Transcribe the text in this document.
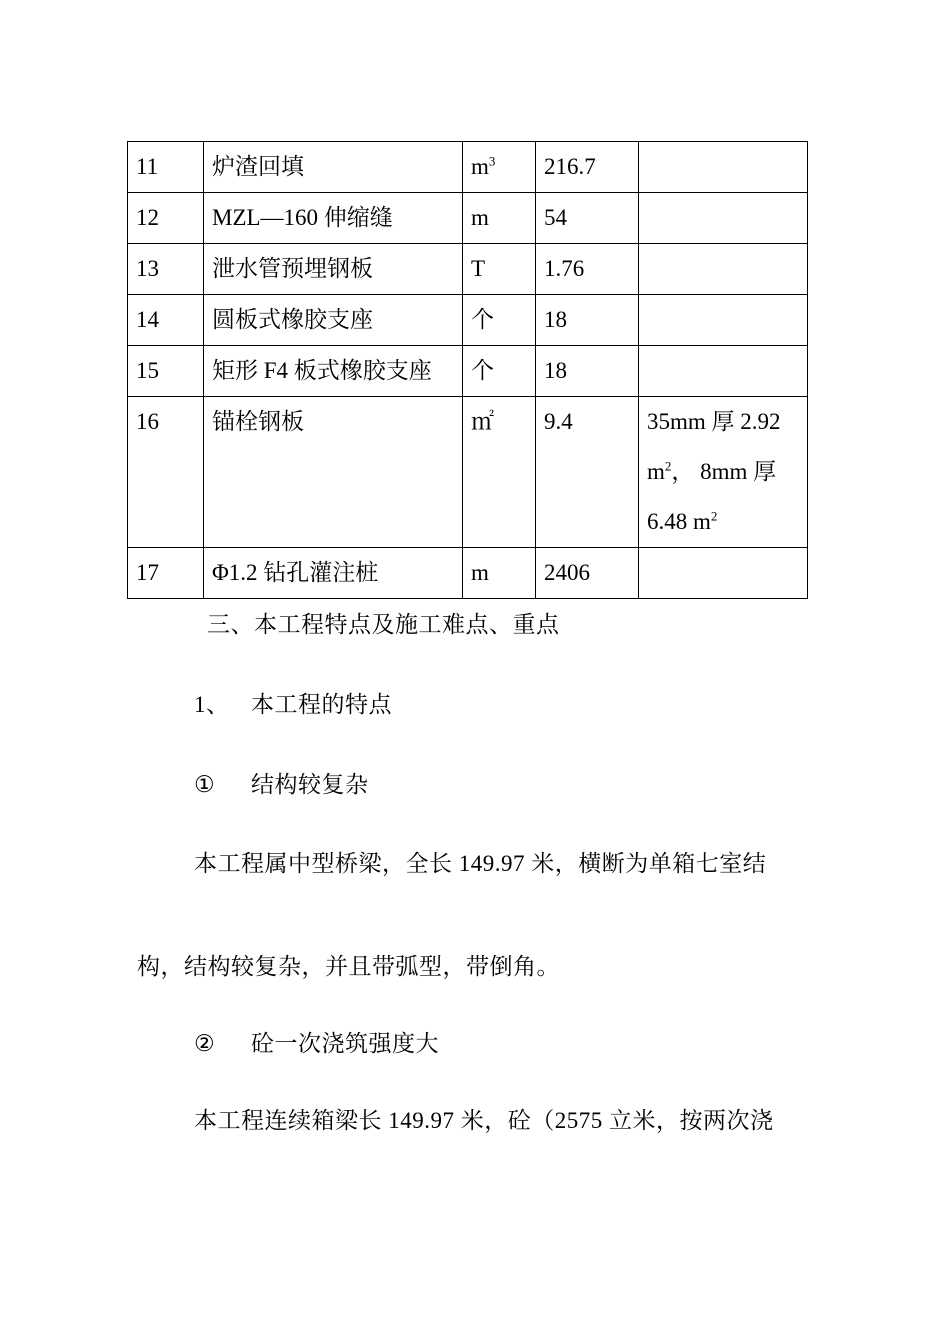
11	炉渣回填	$m^3$	216.7	
12	MZL—160 伸缩缝	m	54	
13	泄水管预埋钢板	T	1.76	
14	圆板式橡胶支座	个	18	
15	矩形 F4 板式橡胶支座	个	18	
16	锚栓钢板	㎡	9.4	35mm 厚 2.92
$m^2$， 8mm 厚
6.48 $m^2$

17	Φ1.2 钻孔灌注桩	m	2406	

三、本工程特点及施工难点、重点

1、 本工程的特点

① 结构较复杂

本工程属中型桥梁，全长 149.97 米，横断为单箱七室结

构，结构较复杂，并且带弧型，带倒角。

② 砼一次浇筑强度大

本工程连续箱梁长 149.97 米，砼（2575 立米，按两次浇
